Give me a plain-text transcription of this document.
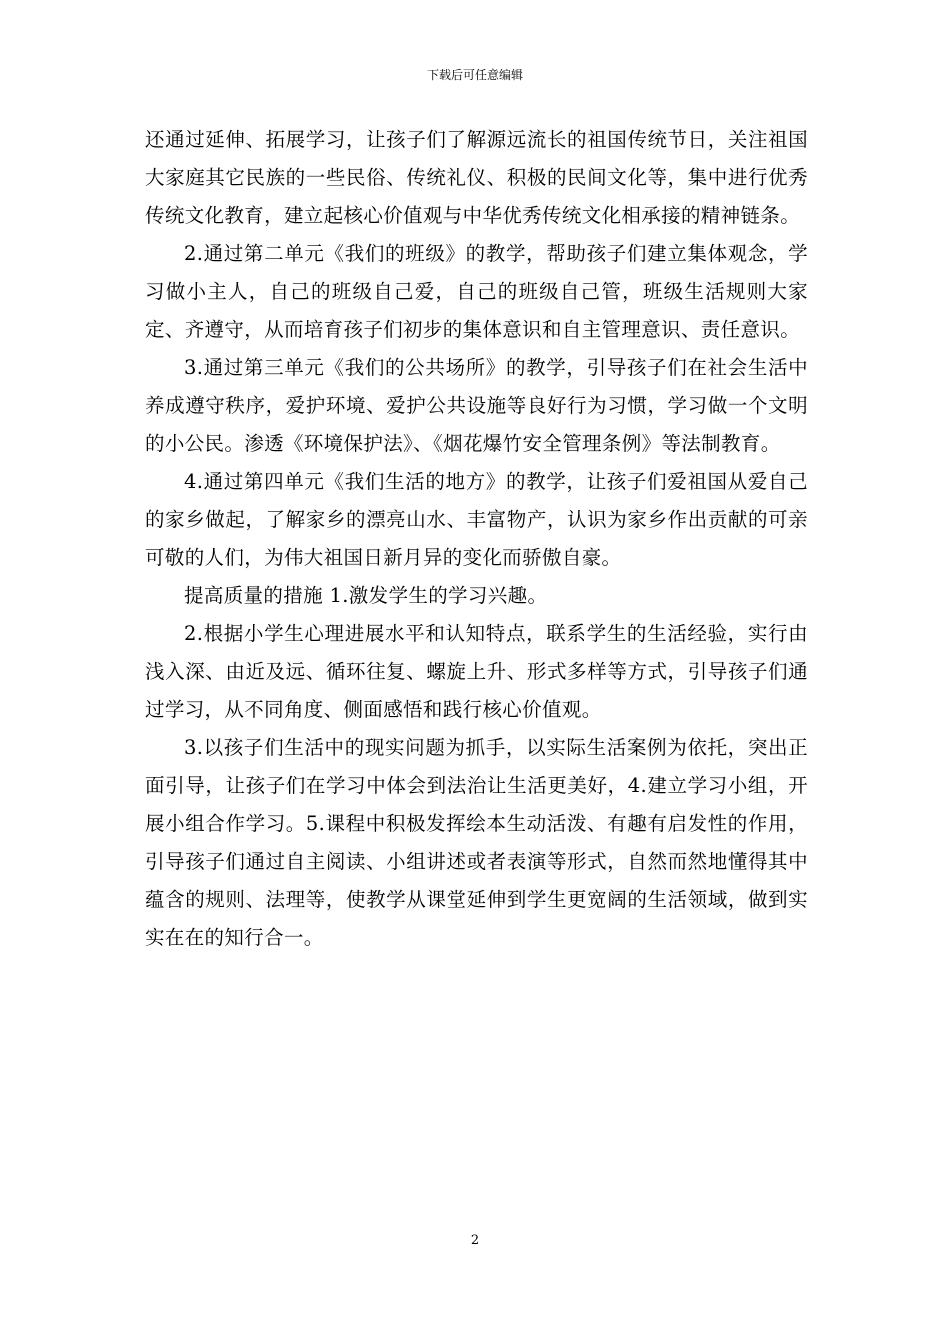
下载后可任意编辑

还通过延伸、拓展学习，让孩子们了解源远流长的祖国传统节日，关注祖国大家庭其它民族的一些民俗、传统礼仪、积极的民间文化等，集中进行优秀传统文化教育，建立起核心价值观与中华优秀传统文化相承接的精神链条。

2.通过第二单元《我们的班级》的教学，帮助孩子们建立集体观念，学习做小主人，自己的班级自己爱，自己的班级自己管，班级生活规则大家定、齐遵守，从而培育孩子们初步的集体意识和自主管理意识、责任意识。

3.通过第三单元《我们的公共场所》的教学，引导孩子们在社会生活中养成遵守秩序，爱护环境、爱护公共设施等良好行为习惯，学习做一个文明的小公民。渗透《环境保护法》、《烟花爆竹安全管理条例》等法制教育。

4.通过第四单元《我们生活的地方》的教学，让孩子们爱祖国从爱自己的家乡做起，了解家乡的漂亮山水、丰富物产，认识为家乡作出贡献的可亲可敬的人们，为伟大祖国日新月异的变化而骄傲自豪。

提高质量的措施 1.激发学生的学习兴趣。

2.根据小学生心理进展水平和认知特点，联系学生的生活经验，实行由浅入深、由近及远、循环往复、螺旋上升、形式多样等方式，引导孩子们通过学习，从不同角度、侧面感悟和践行核心价值观。

3.以孩子们生活中的现实问题为抓手，以实际生活案例为依托，突出正面引导，让孩子们在学习中体会到法治让生活更美好，4.建立学习小组，开展小组合作学习。5.课程中积极发挥绘本生动活泼、有趣有启发性的作用，引导孩子们通过自主阅读、小组讲述或者表演等形式，自然而然地懂得其中蕴含的规则、法理等，使教学从课堂延伸到学生更宽阔的生活领域，做到实实在在的知行合一。

2
